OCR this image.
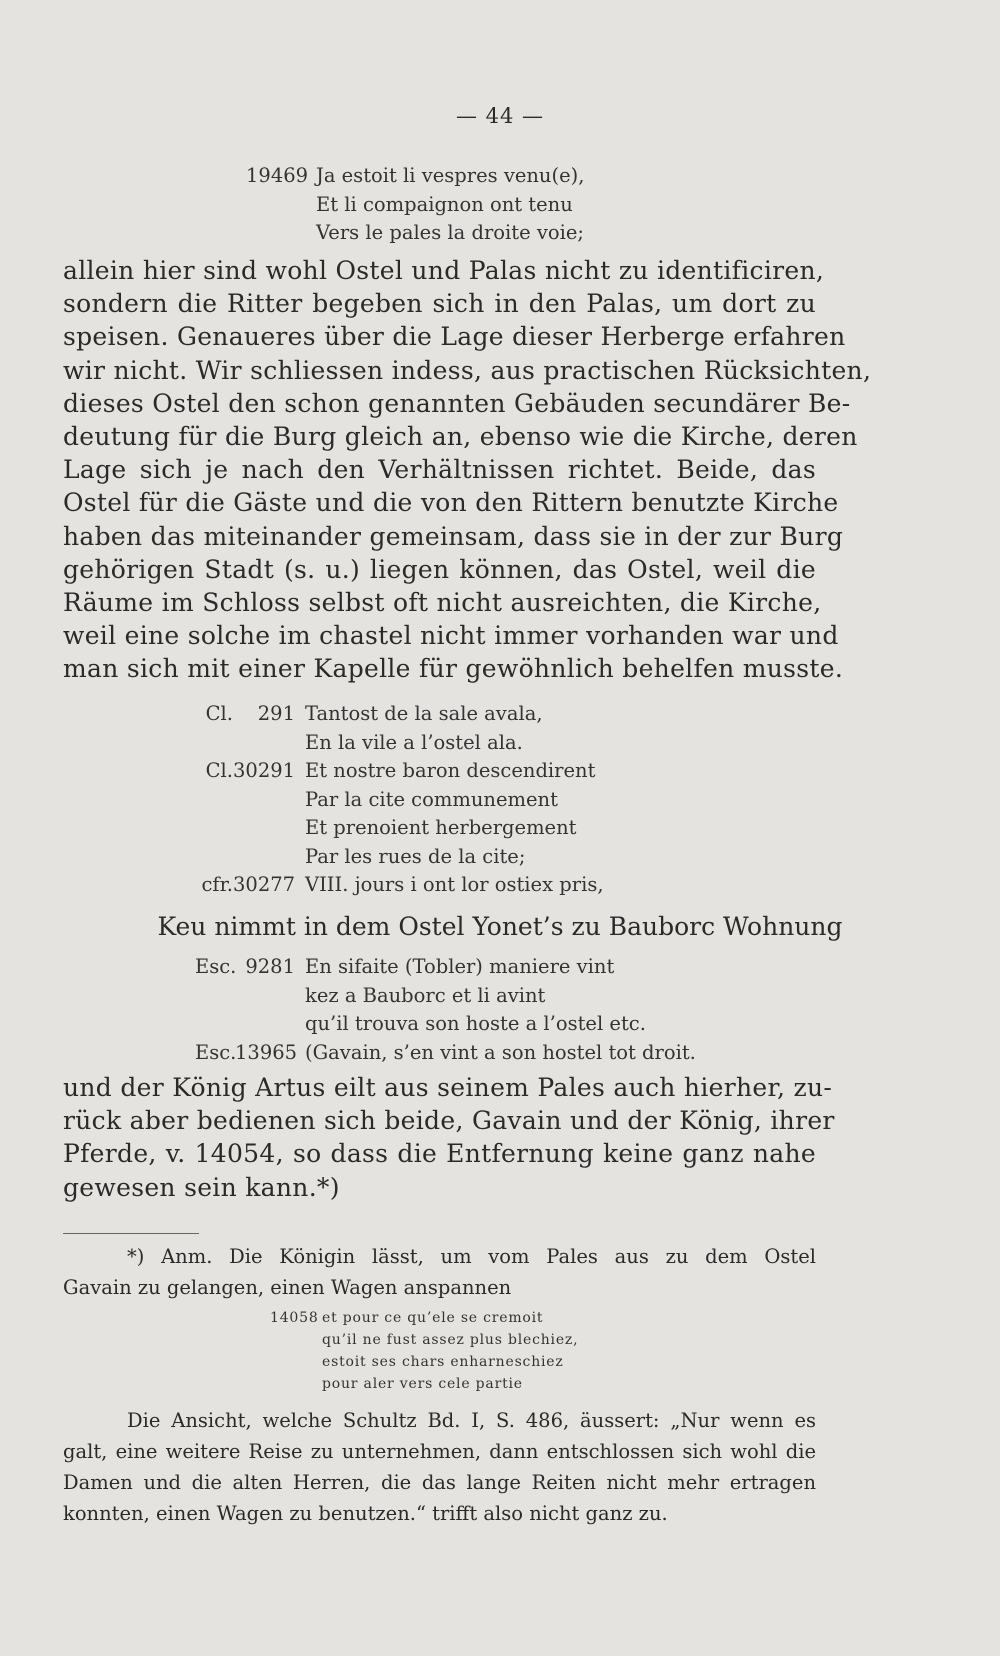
— 44 —
19469 Ja estoit li vespres venu(e),
Et li compaignon ont tenu
Vers le pales la droite voie;
allein hier sind wohl Ostel und Palas nicht zu identificiren,
sondern die Ritter begeben sich in den Palas, um dort zu
speisen. Genaueres über die Lage dieser Herberge erfahren
wir nicht. Wir schliessen indess, aus practischen Rücksichten,
dieses Ostel den schon genannten Gebäuden secundärer Be-
deutung für die Burg gleich an, ebenso wie die Kirche, deren
Lage sich je nach den Verhältnissen richtet. Beide, das
Ostel für die Gäste und die von den Rittern benutzte Kirche
haben das miteinander gemeinsam, dass sie in der zur Burg
gehörigen Stadt (s. u.) liegen können, das Ostel, weil die
Räume im Schloss selbst oft nicht ausreichten, die Kirche,
weil eine solche im chastel nicht immer vorhanden war und
man sich mit einer Kapelle für gewöhnlich behelfen musste.
Cl.	291 Tantost de la sale avala,
En la vile a l’ostel ala.
Cl. 30291 Et nostre baron descendirent
Par la cite communement
Et prenoient herbergement
Par les rues de la cite;
cfr. 30277 VIII. jours i ont lor ostiex pris,
Keu nimmt in dem Ostel Yonet’s zu Bauborc Wohnung
Esc. 9281 En sifaite (Tobler) maniere vint
kez a Bauborc et li avint
qu’il trouva son hoste a l’ostel etc.
Esc.
13965 (Gavain, s’en vint a son hostel tot droit.
und der König Artus eilt aus seinem Pales auch hierher, zu-
rück aber bedienen sich beide, Gavain und der König, ihrer
Pferde, v. 14054, so dass die Entfernung keine ganz nahe
gewesen sein kann.*)
*) Anm. Die Königin lässt, um vom Pales aus zu dem Ostel
Gavain zu gelangen, einen Wagen anspannen
14058 et pour ce qu’ele se cremoit
qu’il ne fust assez plus blechiez,
estoit ses chars enharneschiez
pour aler vers cele partie
Die Ansicht, welche Schultz Bd. I, S. 486, äussert: „Nur wenn es
galt, eine weitere Reise zu unternehmen, dann entschlossen sich wohl die
Damen und die alten Herren, die das lange Reiten nicht mehr ertragen
konnten, einen Wagen zu benutzen.“ trifft also nicht ganz zu.
